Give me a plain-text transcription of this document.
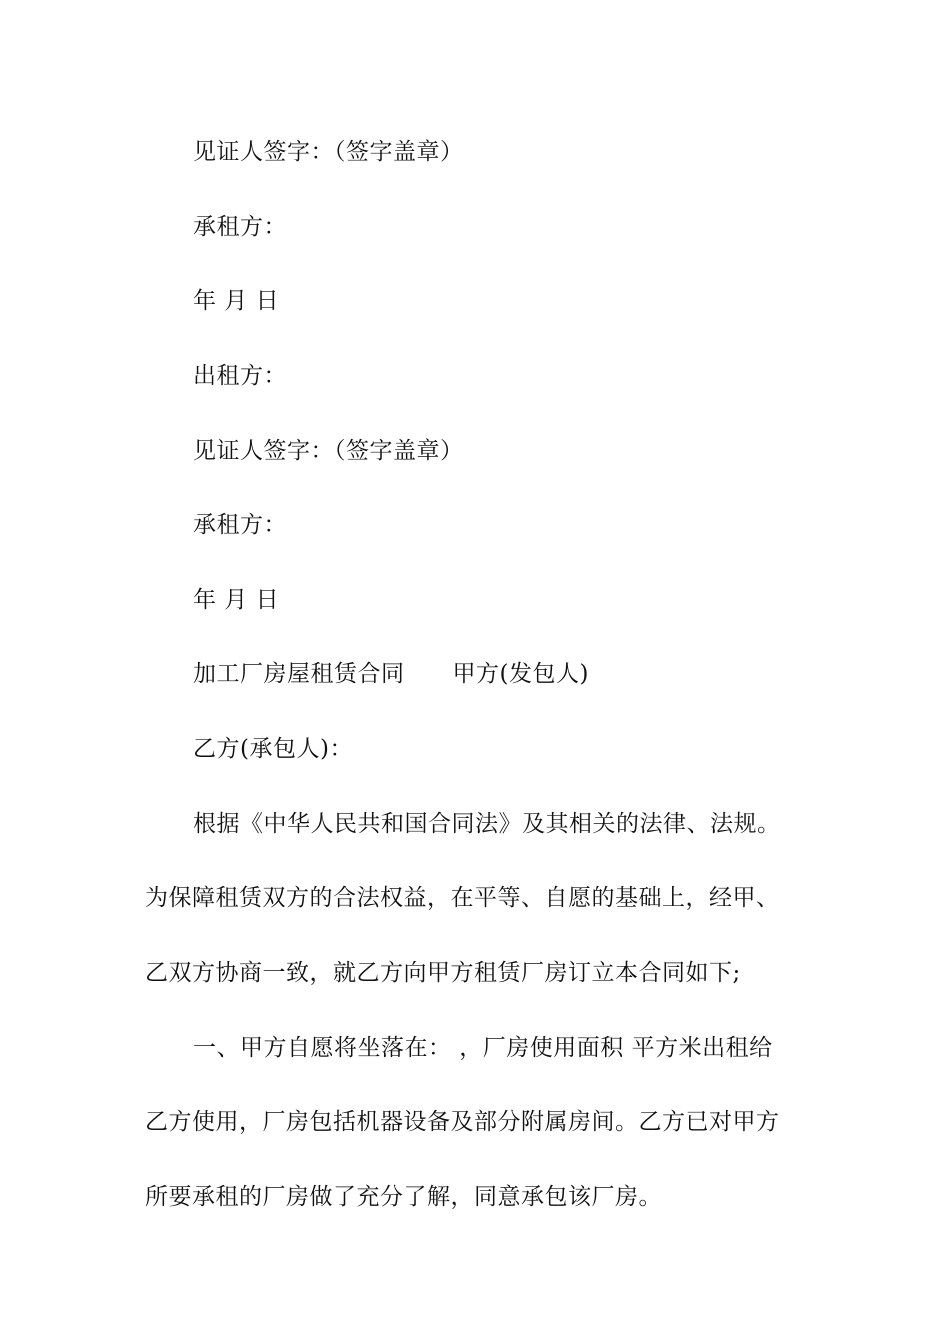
见证人签字：（签字盖章）
承租方：
年 月 日
出租方：
见证人签字：（签字盖章）
承租方：
年 月 日
加工厂房屋租赁合同 甲方(发包人)
乙方(承包人)：
根据《中华人民共和国合同法》及其相关的法律、法规。
为保障租赁双方的合法权益，在平等、自愿的基础上，经甲、
乙双方协商一致，就乙方向甲方租赁厂房订立本合同如下;
一、甲方自愿将坐落在： ，厂房使用面积 平方米出租给
乙方使用，厂房包括机器设备及部分附属房间。乙方已对甲方
所要承租的厂房做了充分了解，同意承包该厂房。
